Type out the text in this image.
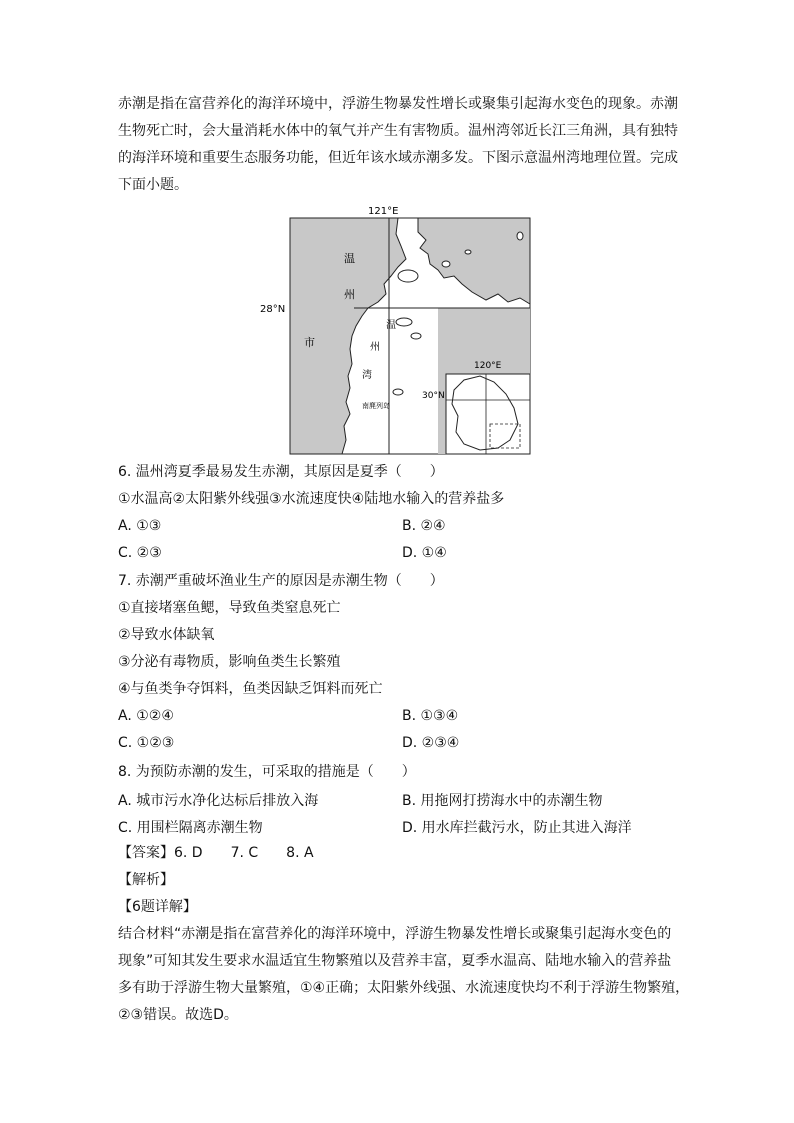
赤潮是指在富营养化的海洋环境中，浮游生物暴发性增长或聚集引起海水变色的现象。赤潮
生物死亡时，会大量消耗水体中的氧气并产生有害物质。温州湾邻近长江三角洲，具有独特
的海洋环境和重要生态服务功能，但近年该水域赤潮多发。下图示意温州湾地理位置。完成
下面小题。
121°E
28°N
温
州
市
温
州
湾
南麂列岛
120°E
30°N
6. 温州湾夏季最易发生赤潮，其原因是夏季（　　）
①水温高②太阳紫外线强③水流速度快④陆地水输入的营养盐多
A. ①③	B. ②④
C. ②③	D. ①④
7. 赤潮严重破坏渔业生产的原因是赤潮生物（　　）
①直接堵塞鱼鳃，导致鱼类窒息死亡
②导致水体缺氧
③分泌有毒物质，影响鱼类生长繁殖
④与鱼类争夺饵料，鱼类因缺乏饵料而死亡
A. ①②④	B. ①③④
C. ①②③	D. ②③④
8. 为预防赤潮的发生，可采取的措施是（　　）
A. 城市污水净化达标后排放入海	B. 用拖网打捞海水中的赤潮生物
C. 用围栏隔离赤潮生物	D. 用水库拦截污水，防止其进入海洋
【答案】6. D　　7. C　　8. A
【解析】
【6题详解】
结合材料“赤潮是指在富营养化的海洋环境中，浮游生物暴发性增长或聚集引起海水变色的
现象”可知其发生要求水温适宜生物繁殖以及营养丰富，夏季水温高、陆地水输入的营养盐
多有助于浮游生物大量繁殖，①④正确；太阳紫外线强、水流速度快均不利于浮游生物繁殖，
②③错误。故选D。
